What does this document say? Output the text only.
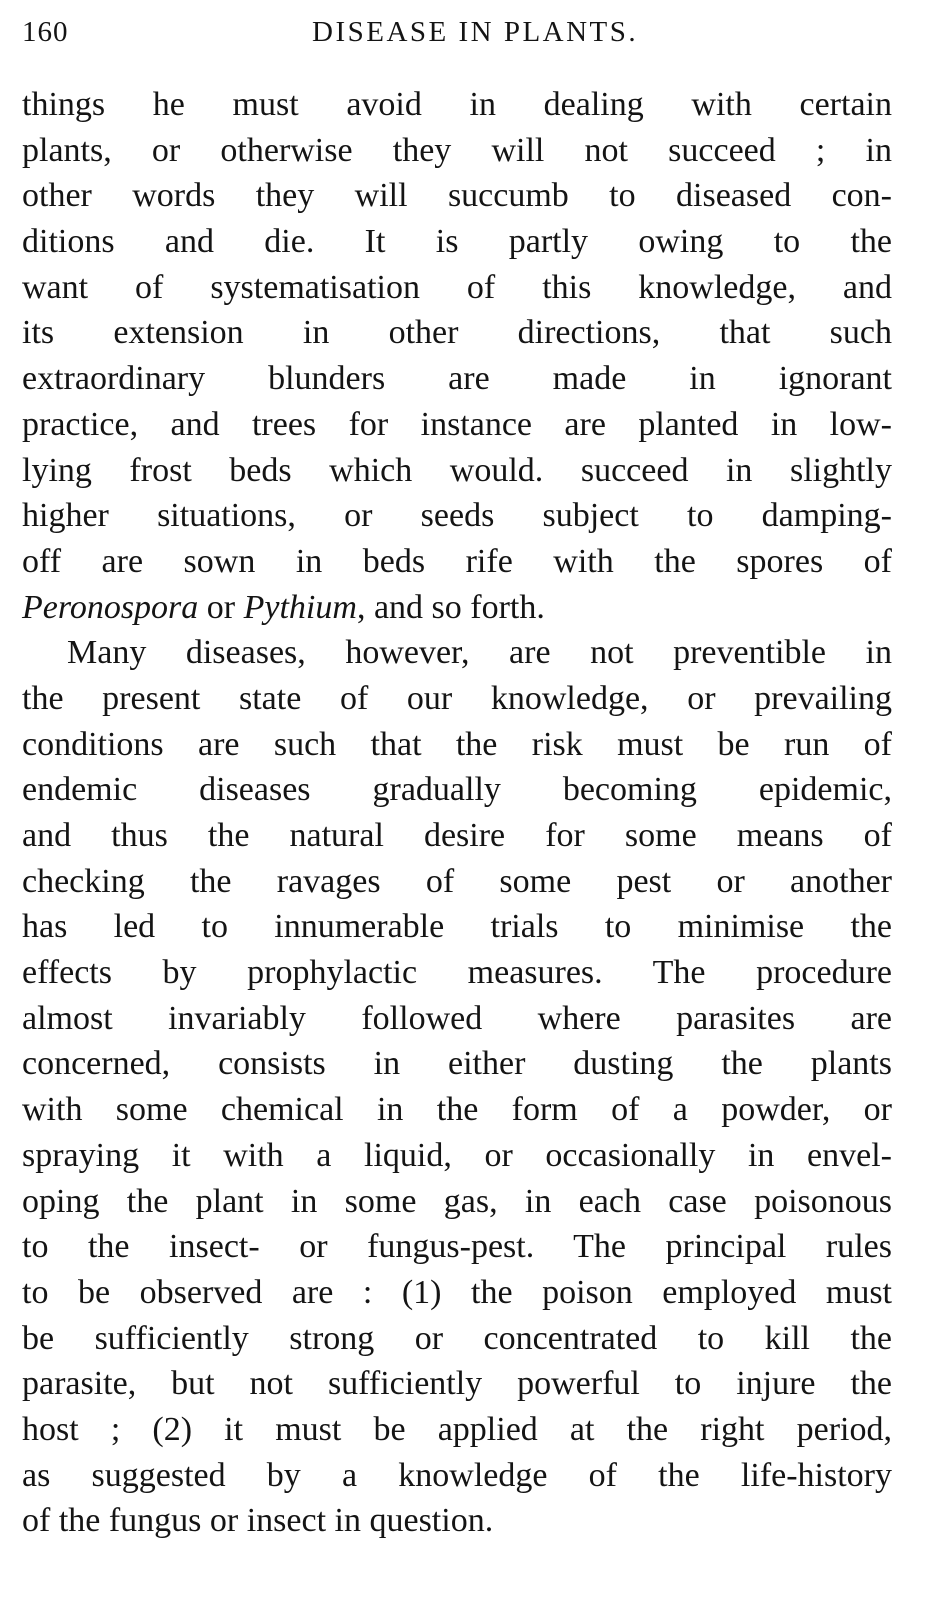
160	DISEASE IN PLANTS.
things he must avoid in dealing with certain
plants, or otherwise they will not succeed ; in
other words they will succumb to diseased con-
ditions and die. It is partly owing to the
want of systematisation of this knowledge, and
its extension in other directions, that such
extraordinary blunders are made in ignorant
practice, and trees for instance are planted in low-
lying frost beds which would. succeed in slightly
higher situations, or seeds subject to damping-
off are sown in beds rife with the spores of
Peronospora or Pythium, and so forth.
Many diseases, however, are not preventible in
the present state of our knowledge, or prevailing
conditions are such that the risk must be run of
endemic diseases gradually becoming epidemic,
and thus the natural desire for some means of
checking the ravages of some pest or another
has led to innumerable trials to minimise the
effects by prophylactic measures. The procedure
almost invariably followed where parasites are
concerned, consists in either dusting the plants
with some chemical in the form of a powder, or
spraying it with a liquid, or occasionally in envel-
oping the plant in some gas, in each case poisonous
to the insect- or fungus-pest. The principal rules
to be observed are : (1) the poison employed must
be sufficiently strong or concentrated to kill the
parasite, but not sufficiently powerful to injure the
host ; (2) it must be applied at the right period,
as suggested by a knowledge of the life-history
of the fungus or insect in question.
